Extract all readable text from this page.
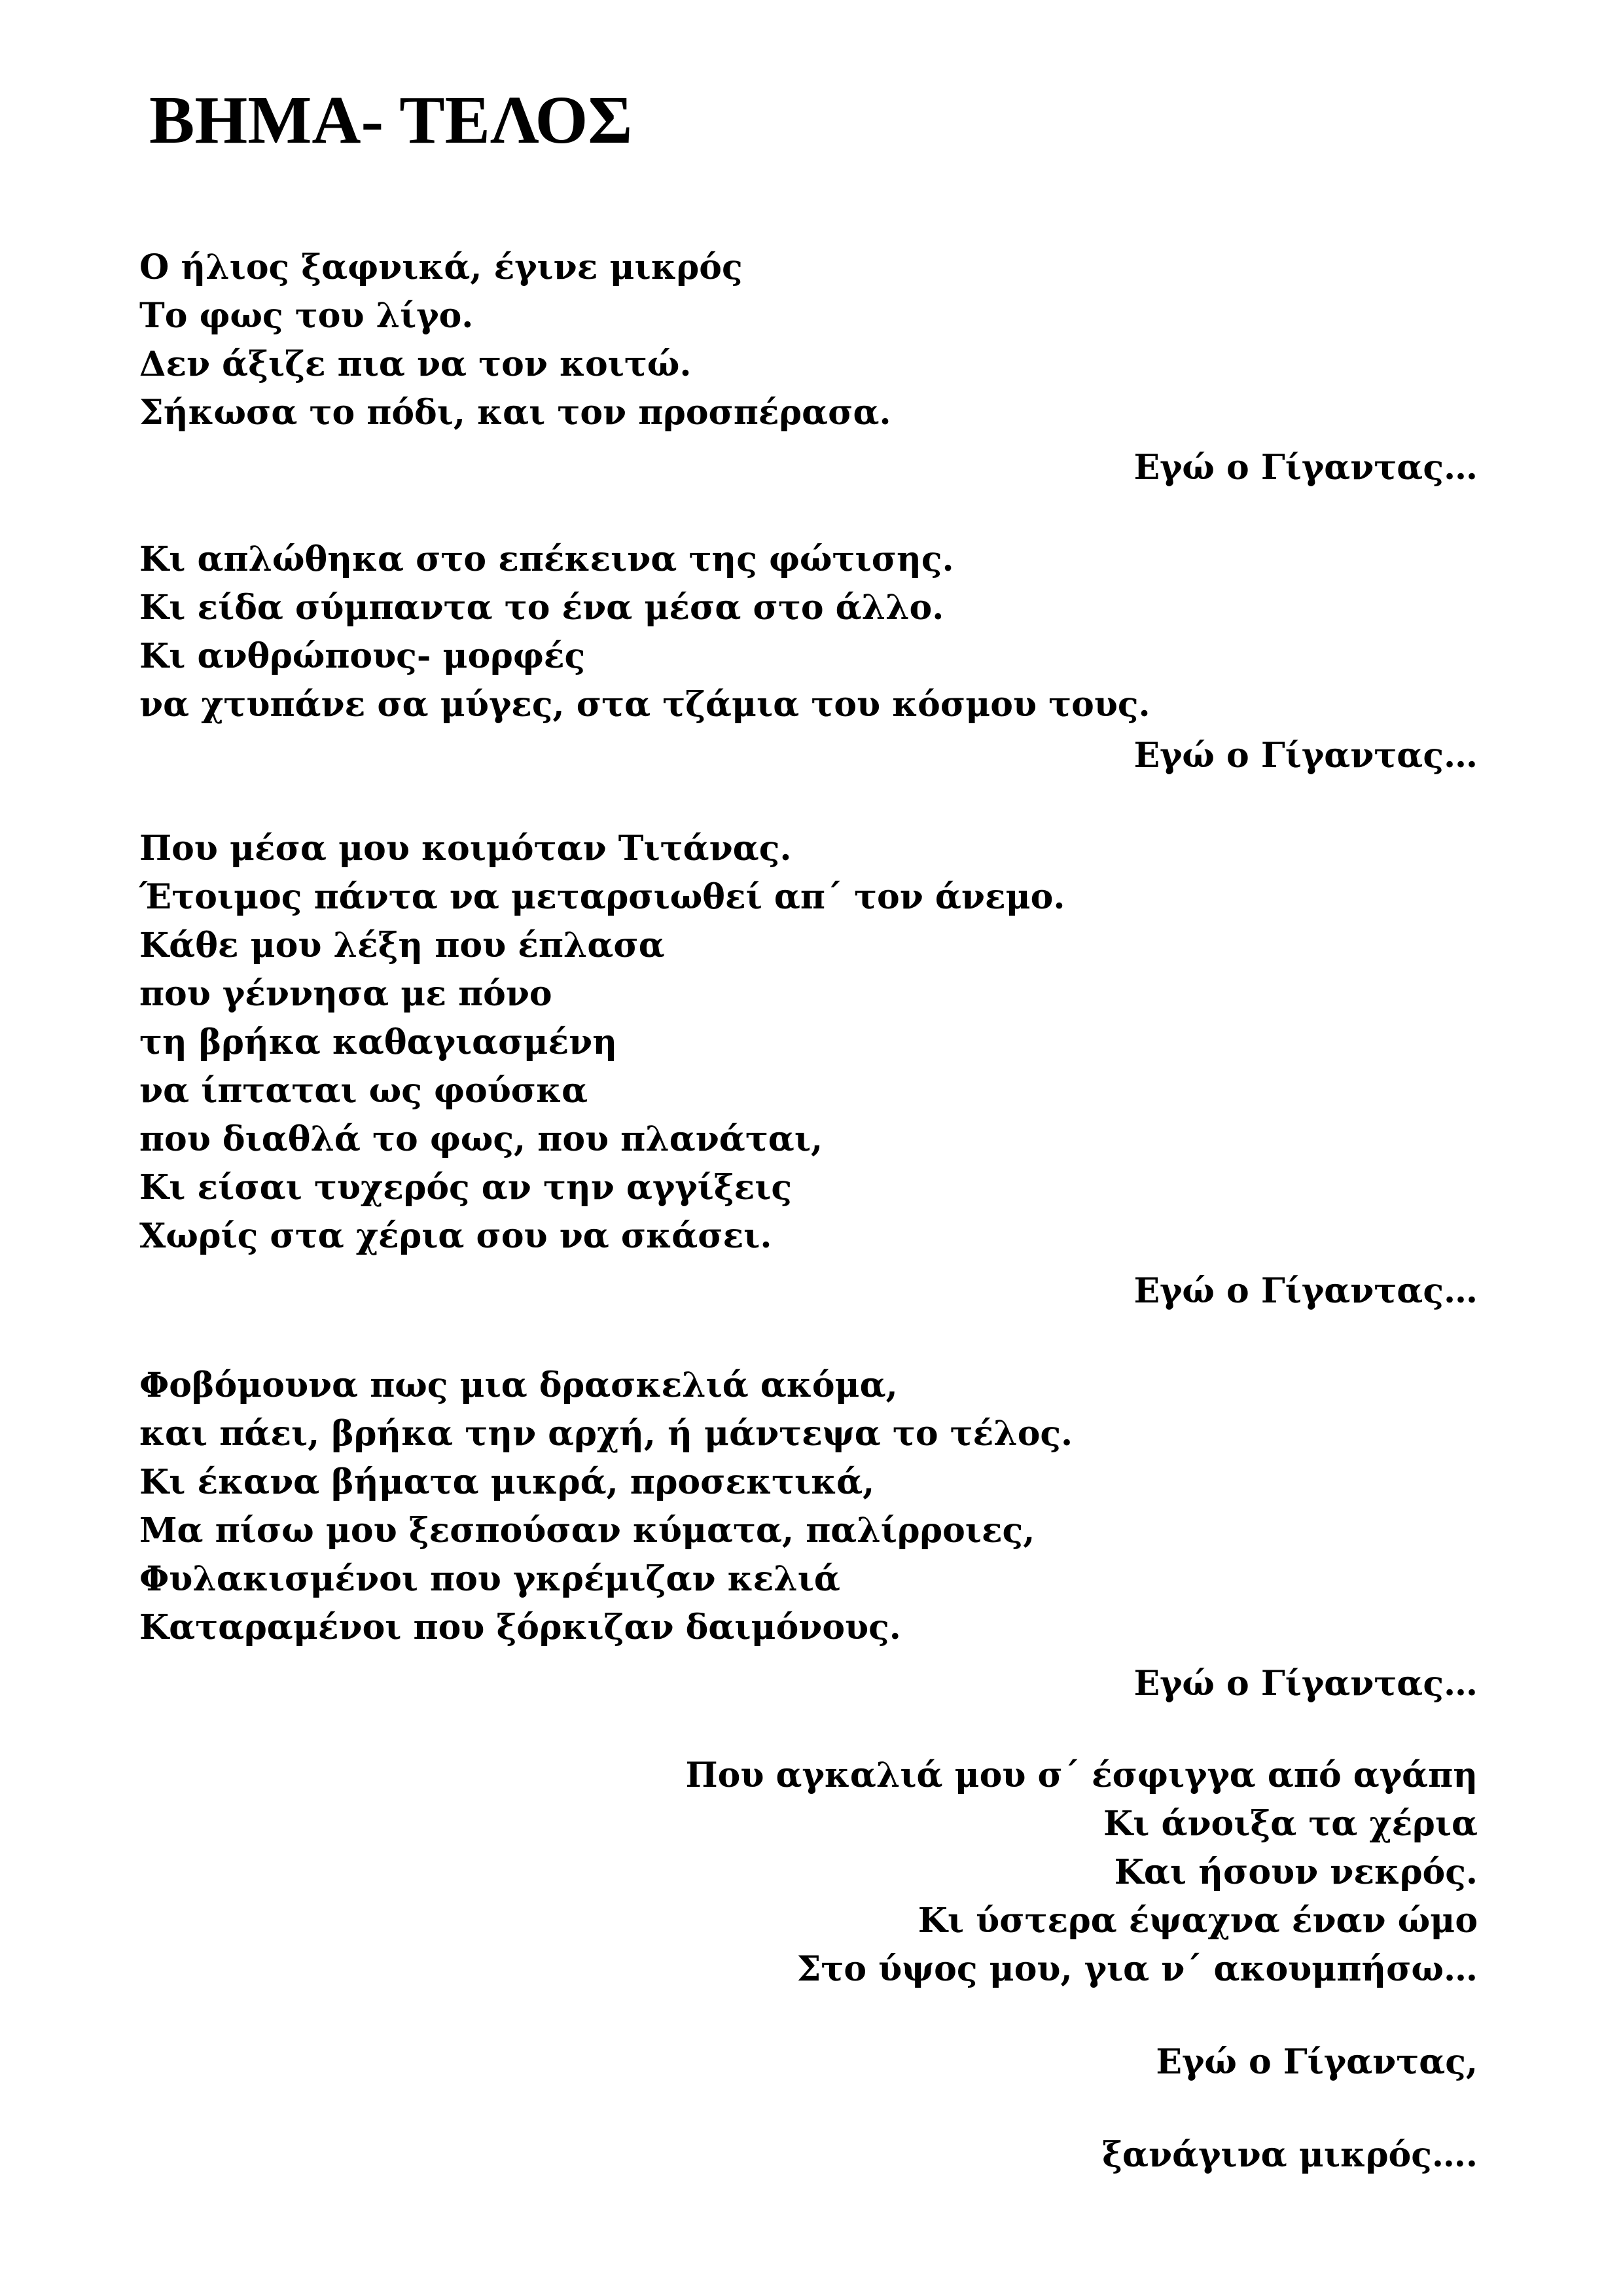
ΒΗΜΑ- ΤΕΛΟΣ
Ο ήλιος ξαφνικά, έγινε μικρός
Το φως του λίγο.
Δεν άξιζε πια να τον κοιτώ.
Σήκωσα το πόδι, και τον προσπέρασα.
Εγώ ο Γίγαντας…
Κι απλώθηκα στο επέκεινα της φώτισης.
Κι είδα σύμπαντα το ένα μέσα στο άλλο.
Κι ανθρώπους- μορφές
να χτυπάνε σα μύγες, στα τζάμια του κόσμου τους.
Εγώ ο Γίγαντας…
Που μέσα μου κοιμόταν Τιτάνας.
Έτοιμος πάντα να μεταρσιωθεί απ΄ τον άνεμο.
Κάθε μου λέξη που έπλασα
που γέννησα με πόνο
τη βρήκα καθαγιασμένη
να ίπταται ως φούσκα
που διαθλά το φως, που πλανάται,
Κι είσαι τυχερός αν την αγγίξεις
Χωρίς στα χέρια σου να σκάσει.
Εγώ ο Γίγαντας…
Φοβόμουνα πως μια δρασκελιά ακόμα,
και πάει, βρήκα την αρχή, ή μάντεψα το τέλος.
Κι έκανα βήματα μικρά, προσεκτικά,
Μα πίσω μου ξεσπούσαν κύματα, παλίρροιες,
Φυλακισμένοι που γκρέμιζαν κελιά
Καταραμένοι που ξόρκιζαν δαιμόνους.
Εγώ ο Γίγαντας…
Που αγκαλιά μου σ΄ έσφιγγα από αγάπη
Κι άνοιξα τα χέρια
Και ήσουν νεκρός.
Κι ύστερα έψαχνα έναν ώμο
Στο ύψος μου, για ν΄ ακουμπήσω…
Εγώ ο Γίγαντας,
ξανάγινα μικρός….
